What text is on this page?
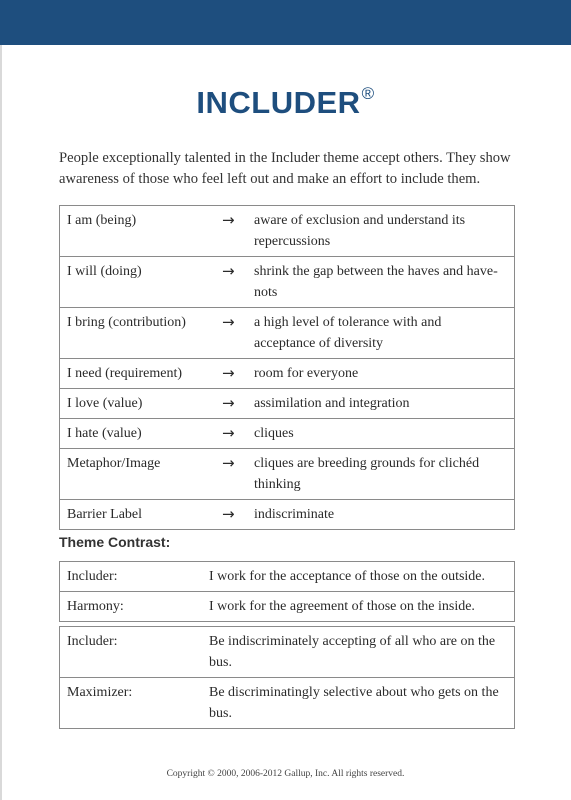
INCLUDER®
People exceptionally talented in the Includer theme accept others. They show awareness of those who feel left out and make an effort to include them.
I am (being)	→	aware of exclusion and understand its repercussions
I will (doing)	→	shrink the gap between the haves and have-nots
I bring (contribution)	→	a high level of tolerance with and acceptance of diversity
I need (requirement)	→	room for everyone
I love (value)	→	assimilation and integration
I hate (value)	→	cliques
Metaphor/Image	→	cliques are breeding grounds for clichéd thinking
Barrier Label	→	indiscriminate
Theme Contrast:
Includer:	I work for the acceptance of those on the outside.
Harmony:	I work for the agreement of those on the inside.
Includer:	Be indiscriminately accepting of all who are on the bus.
Maximizer:	Be discriminatingly selective about who gets on the bus.
Copyright © 2000, 2006-2012 Gallup, Inc. All rights reserved.
